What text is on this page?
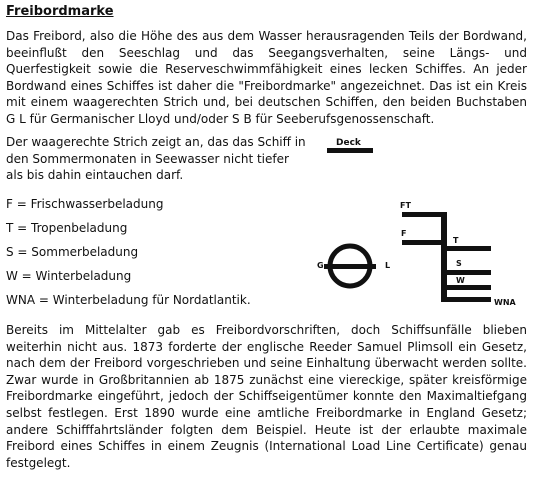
Freibordmarke

Das Freibord, also die Höhe des aus dem Wasser herausragenden Teils der Bordwand, beeinflußt den Seeschlag und das Seegangsverhalten, seine Längs- und Querfestigkeit sowie die Reserveschwimmfähigkeit eines lecken Schiffes. An jeder Bordwand eines Schiffes ist daher die "Freibordmarke" angezeichnet. Das ist ein Kreis mit einem waagerechten Strich und, bei deutschen Schiffen, den beiden Buchstaben G L für Germanischer Lloyd und/oder S B für Seeberufsgenossenschaft.

Der waagerechte Strich zeigt an, das das Schiff in den Sommermonaten in Seewasser nicht tiefer als bis dahin eintauchen darf.

F = Frischwasserbeladung
T = Tropenbeladung
S = Sommerbeladung
W = Winterbeladung
WNA = Winterbeladung für Nordatlantik.

Bereits im Mittelalter gab es Freibordvorschriften, doch Schiffsunfälle blieben weiterhin nicht aus. 1873 forderte der englische Reeder Samuel Plimsoll ein Gesetz, nach dem der Freibord vorgeschrieben und seine Einhaltung überwacht werden sollte. Zwar wurde in Großbritannien ab 1875 zunächst eine viereckige, später kreisförmige Freibordmarke eingeführt, jedoch der Schiffseigentümer konnte den Maximaltiefgang selbst festlegen. Erst 1890 wurde eine amtliche Freibordmarke in England Gesetz; andere Schifffahrtsländer folgten dem Beispiel. Heute ist der erlaubte maximale Freibord eines Schiffes in einem Zeugnis (International Load Line Certificate) genau festgelegt.

Deck
G	L
FT
F
T
S
W
WNA
